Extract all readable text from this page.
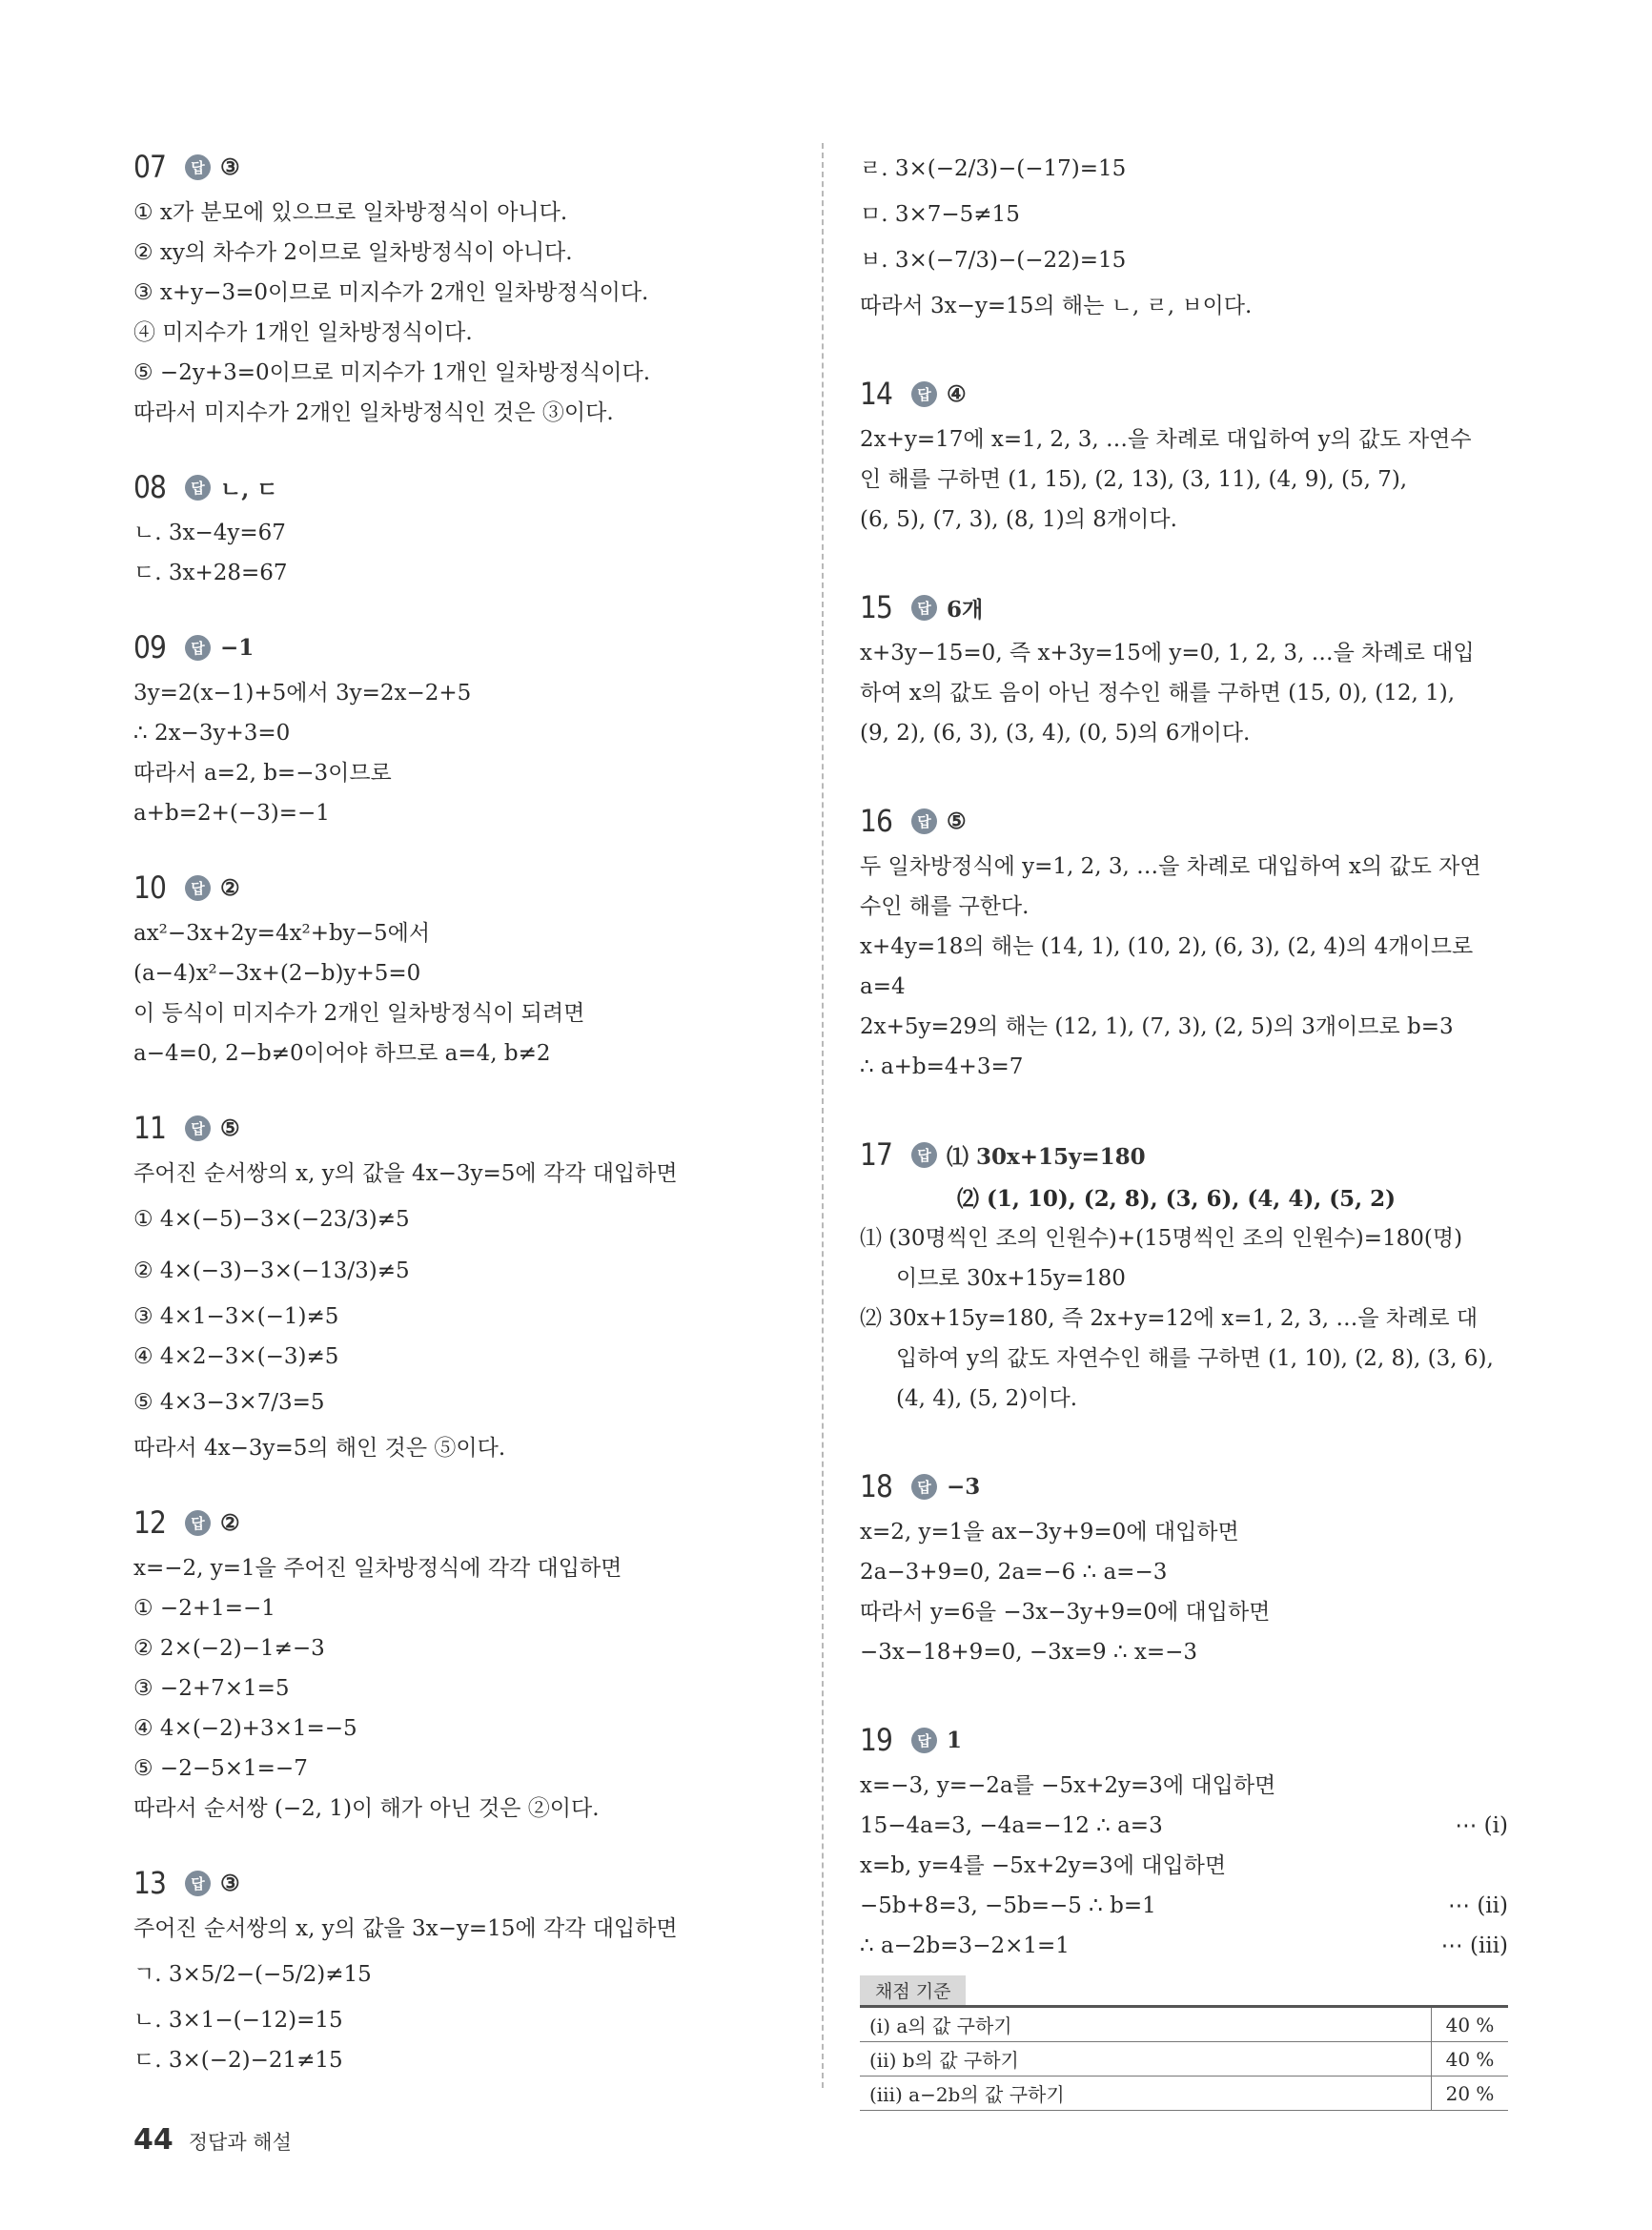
07	답 ③
① x가 분모에 있으므로 일차방정식이 아니다.
② xy의 차수가 2이므로 일차방정식이 아니다.
③ x+y−3=0이므로 미지수가 2개인 일차방정식이다.
④ 미지수가 1개인 일차방정식이다.
⑤ −2y+3=0이므로 미지수가 1개인 일차방정식이다.
따라서 미지수가 2개인 일차방정식인 것은 ③이다.
08	답 ㄴ, ㄷ
ㄴ. 3x−4y=67
ㄷ. 3x+28=67
09	답 −1
3y=2(x−1)+5에서 3y=2x−2+5
∴ 2x−3y+3=0
따라서 a=2, b=−3이므로
a+b=2+(−3)=−1
10	답 ②
ax²−3x+2y=4x²+by−5에서
(a−4)x²−3x+(2−b)y+5=0
이 등식이 미지수가 2개인 일차방정식이 되려면
a−4=0, 2−b≠0이어야 하므로 a=4, b≠2
11	답 ⑤
주어진 순서쌍의 x, y의 값을 4x−3y=5에 각각 대입하면
① 4×(−5)−3×(−23/3)≠5
② 4×(−3)−3×(−13/3)≠5
③ 4×1−3×(−1)≠5
④ 4×2−3×(−3)≠5
⑤ 4×3−3×7/3=5
따라서 4x−3y=5의 해인 것은 ⑤이다.
12	답 ②
x=−2, y=1을 주어진 일차방정식에 각각 대입하면
① −2+1=−1
② 2×(−2)−1≠−3
③ −2+7×1=5
④ 4×(−2)+3×1=−5
⑤ −2−5×1=−7
따라서 순서쌍 (−2, 1)이 해가 아닌 것은 ②이다.
13	답 ③
주어진 순서쌍의 x, y의 값을 3x−y=15에 각각 대입하면
ㄱ. 3×5/2−(−5/2)≠15
ㄴ. 3×1−(−12)=15
ㄷ. 3×(−2)−21≠15
ㄹ. 3×(−2/3)−(−17)=15
ㅁ. 3×7−5≠15
ㅂ. 3×(−7/3)−(−22)=15
따라서 3x−y=15의 해는 ㄴ, ㄹ, ㅂ이다.
14	답 ④
2x+y=17에 x=1, 2, 3, …을 차례로 대입하여 y의 값도 자연수
인 해를 구하면 (1, 15), (2, 13), (3, 11), (4, 9), (5, 7),
(6, 5), (7, 3), (8, 1)의 8개이다.
15	답 6개
x+3y−15=0, 즉 x+3y=15에 y=0, 1, 2, 3, …을 차례로 대입
하여 x의 값도 음이 아닌 정수인 해를 구하면 (15, 0), (12, 1),
(9, 2), (6, 3), (3, 4), (0, 5)의 6개이다.
16	답 ⑤
두 일차방정식에 y=1, 2, 3, …을 차례로 대입하여 x의 값도 자연
수인 해를 구한다.
x+4y=18의 해는 (14, 1), (10, 2), (6, 3), (2, 4)의 4개이므로
a=4
2x+5y=29의 해는 (12, 1), (7, 3), (2, 5)의 3개이므로 b=3
∴ a+b=4+3=7
17	답 ⑴ 30x+15y=180
⑵ (1, 10), (2, 8), (3, 6), (4, 4), (5, 2)
⑴ (30명씩인 조의 인원수)+(15명씩인 조의 인원수)=180(명)
이므로 30x+15y=180
⑵ 30x+15y=180, 즉 2x+y=12에 x=1, 2, 3, …을 차례로 대
입하여 y의 값도 자연수인 해를 구하면 (1, 10), (2, 8), (3, 6),
(4, 4), (5, 2)이다.
18	답 −3
x=2, y=1을 ax−3y+9=0에 대입하면
2a−3+9=0, 2a=−6 ∴ a=−3
따라서 y=6을 −3x−3y+9=0에 대입하면
−3x−18+9=0, −3x=9 ∴ x=−3
19	답 1
x=−3, y=−2a를 −5x+2y=3에 대입하면
15−4a=3, −4a=−12 ∴ a=3	⋯ (ⅰ)
x=b, y=4를 −5x+2y=3에 대입하면
−5b+8=3, −5b=−5 ∴ b=1	⋯ (ⅱ)
∴ a−2b=3−2×1=1	⋯ (ⅲ)
채점 기준
(ⅰ) a의 값 구하기	40 %
(ⅱ) b의 값 구하기	40 %
(ⅲ) a−2b의 값 구하기	20 %
44 정답과 해설
